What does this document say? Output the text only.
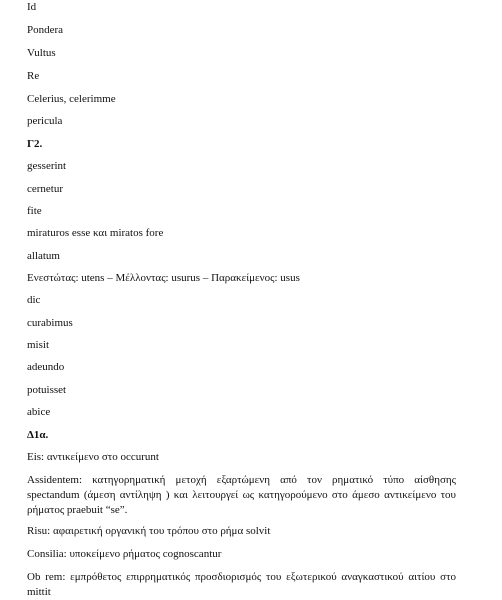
Id
Pondera
Vultus
Re
Celerius, celerimme
pericula
Γ2.
gesserint
cernetur
fite
miraturos esse και miratos fore
allatum
Ενεστώτας: utens – Μέλλοντας: usurus – Παρακείμενος: usus
dic
curabimus
misit
adeundo
potuisset
abice
Δ1α.
Eis: αντικείμενο στο occurunt
Assidentem: κατηγορηματική μετοχή εξαρτώμενη από τον ρηματικό τύπο αίσθησης
spectandum (άμεση αντίληψη ) και λειτουργεί ως κατηγορούμενο στο άμεσο αντικείμενο του
ρήματος praebuit “se”.
Risu: αφαιρετική οργανική του τρόπου στο ρήμα solvit
Consilia: υποκείμενο ρήματος cognoscantur
Ob rem: εμπρόθετος επιρρηματικός προσδιορισμός του εξωτερικού αναγκαστικού αιτίου στο
mittit
